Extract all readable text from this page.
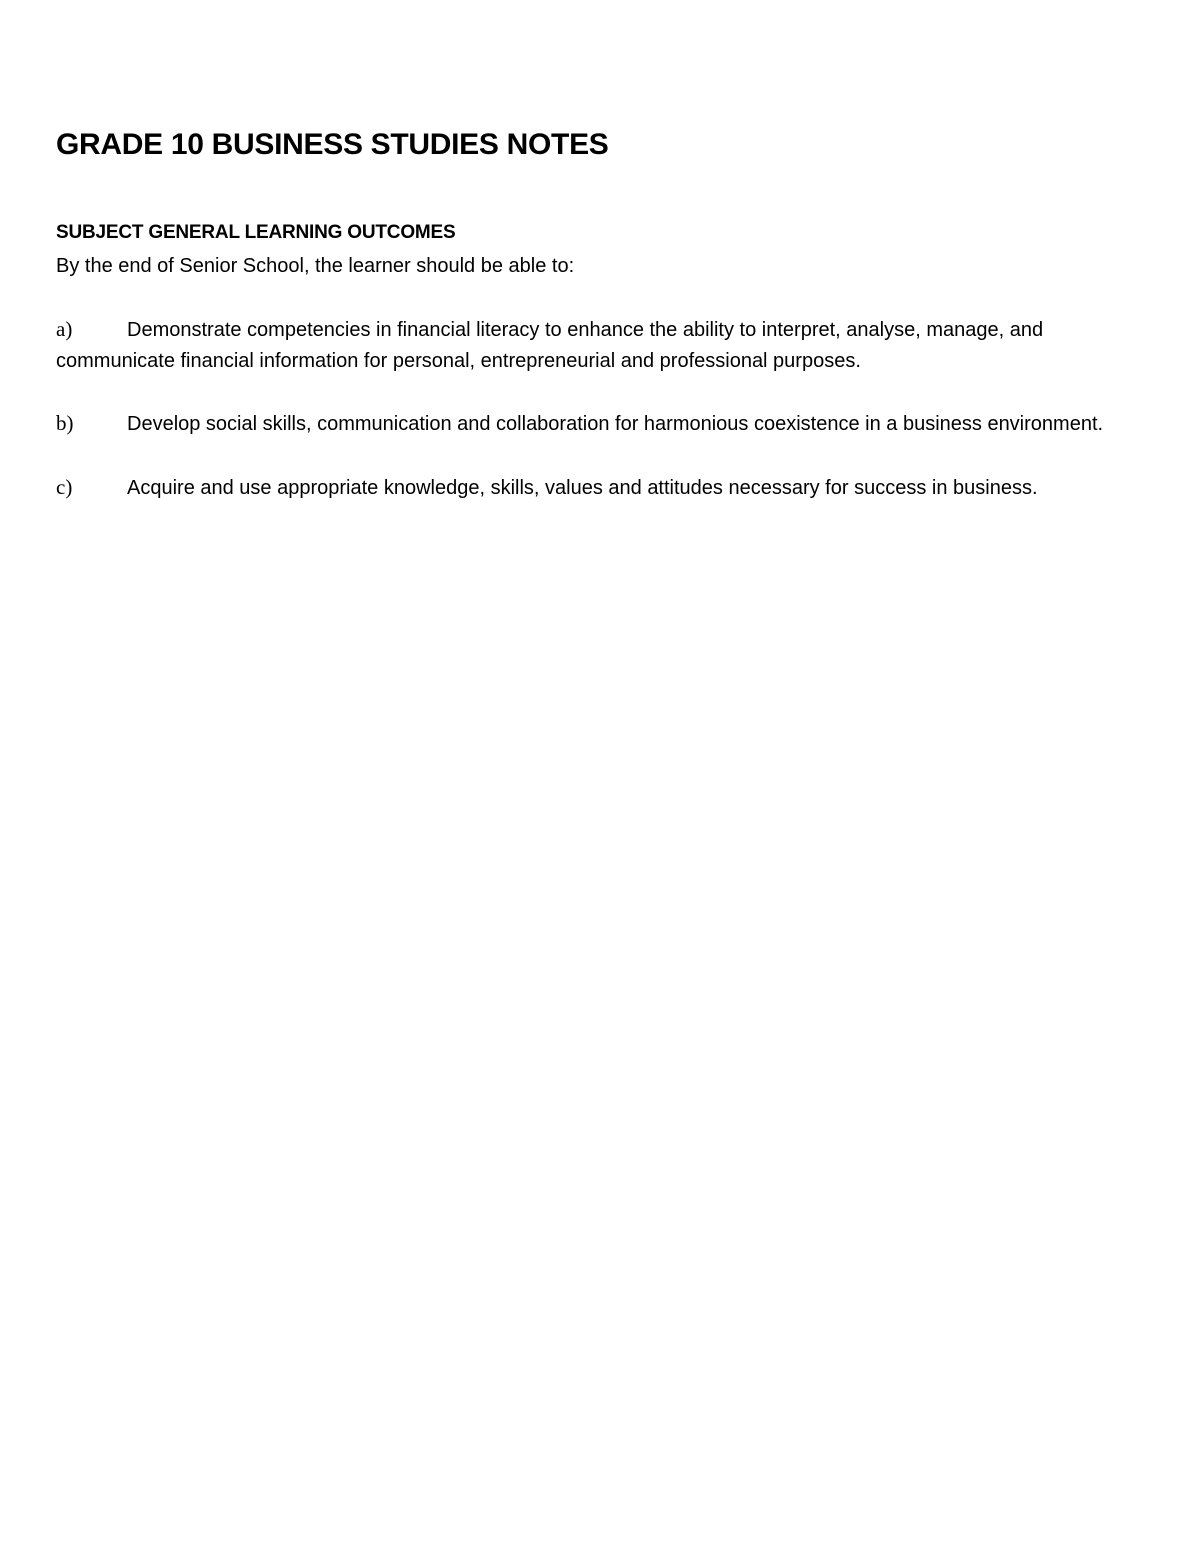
GRADE 10 BUSINESS STUDIES NOTES
SUBJECT GENERAL LEARNING OUTCOMES

By the end of Senior School, the learner should be able to:

a)	Demonstrate competencies in financial literacy to enhance the ability to interpret, analyse, manage, and communicate financial information for personal, entrepreneurial and professional purposes.

b)	Develop social skills, communication and collaboration for harmonious coexistence in a business environment.

c)	Acquire and use appropriate knowledge, skills, values and attitudes necessary for success in business.
